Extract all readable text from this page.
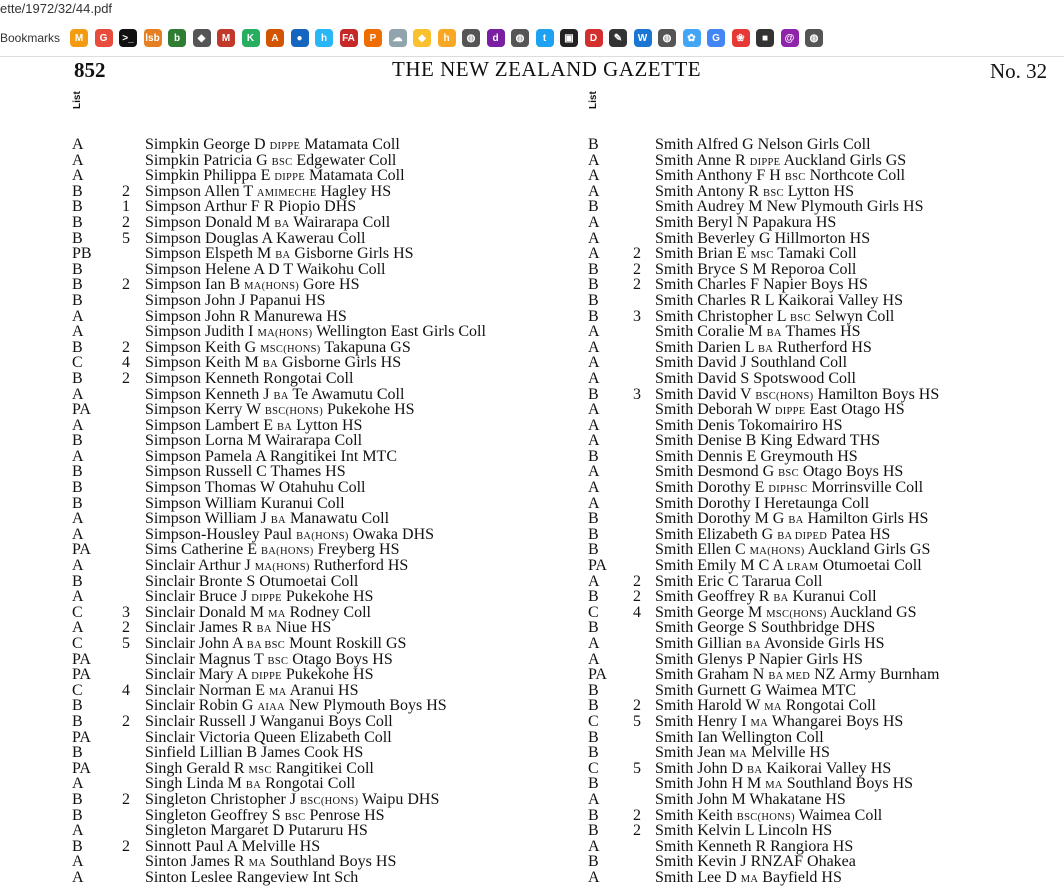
ette/1972/32/44.pdf
Bookmarks	M	G	>_	lsb	b	◆	M	K	A	●	h	FA	P	☁	◆	h	◍	d	◍	t	▣	D	✎	W	◍	✿	G	❀	■	@	◍
852	THE NEW ZEALAND GAZETTE	No. 32
List	List
A	Simpkin George D DIPPE Matamata Coll
A	Simpkin Patricia G BSC Edgewater Coll
A	Simpkin Philippa E DIPPE Matamata Coll
B 2 Simpson Allen T AMIMECHE Hagley HS
B 1 Simpson Arthur F R Piopio DHS
B 2 Simpson Donald M BA Wairarapa Coll
B 5 Simpson Douglas A Kawerau Coll
PB	Simpson Elspeth M BA Gisborne Girls HS
B	Simpson Helene A D T Waikohu Coll
B 2 Simpson Ian B MA(HONS) Gore HS
B	Simpson John J Papanui HS
A	Simpson John R Manurewa HS
A	Simpson Judith I MA(HONS) Wellington East Girls Coll
B 2 Simpson Keith G MSC(HONS) Takapuna GS
C 4 Simpson Keith M BA Gisborne Girls HS
B 2 Simpson Kenneth Rongotai Coll
A	Simpson Kenneth J BA Te Awamutu Coll
PA	Simpson Kerry W BSC(HONS) Pukekohe HS
A	Simpson Lambert E BA Lytton HS
B	Simpson Lorna M Wairarapa Coll
A	Simpson Pamela A Rangitikei Int MTC
B	Simpson Russell C Thames HS
B	Simpson Thomas W Otahuhu Coll
B	Simpson William Kuranui Coll
A	Simpson William J BA Manawatu Coll
A	Simpson-Housley Paul BA(HONS) Owaka DHS
PA	Sims Catherine E BA(HONS) Freyberg HS
A	Sinclair Arthur J MA(HONS) Rutherford HS
B	Sinclair Bronte S Otumoetai Coll
A	Sinclair Bruce J DIPPE Pukekohe HS
C 3 Sinclair Donald M MA Rodney Coll
A 2 Sinclair James R BA Niue HS
C 5 Sinclair John A BA BSC Mount Roskill GS
PA	Sinclair Magnus T BSC Otago Boys HS
PA	Sinclair Mary A DIPPE Pukekohe HS
C 4 Sinclair Norman E MA Aranui HS
B	Sinclair Robin G AIAA New Plymouth Boys HS
B 2 Sinclair Russell J Wanganui Boys Coll
PA	Sinclair Victoria Queen Elizabeth Coll
B	Sinfield Lillian B James Cook HS
PA	Singh Gerald R MSC Rangitikei Coll
A	Singh Linda M BA Rongotai Coll
B 2 Singleton Christopher J BSC(HONS) Waipu DHS
B	Singleton Geoffrey S BSC Penrose HS
A	Singleton Margaret D Putaruru HS
B 2 Sinnott Paul A Melville HS
A	Sinton James R MA Southland Boys HS
A	Sinton Leslee Rangeview Int Sch
B	Smith Alfred G Nelson Girls Coll
A	Smith Anne R DIPPE Auckland Girls GS
A	Smith Anthony F H BSC Northcote Coll
A	Smith Antony R BSC Lytton HS
B	Smith Audrey M New Plymouth Girls HS
A	Smith Beryl N Papakura HS
A	Smith Beverley G Hillmorton HS
A 2 Smith Brian E MSC Tamaki Coll
B 2 Smith Bryce S M Reporoa Coll
B 2 Smith Charles F Napier Boys HS
B	Smith Charles R L Kaikorai Valley HS
B 3 Smith Christopher L BSC Selwyn Coll
A	Smith Coralie M BA Thames HS
A	Smith Darien L BA Rutherford HS
A	Smith David J Southland Coll
A	Smith David S Spotswood Coll
B 3 Smith David V BSC(HONS) Hamilton Boys HS
A	Smith Deborah W DIPPE East Otago HS
A	Smith Denis Tokomairiro HS
A	Smith Denise B King Edward THS
B	Smith Dennis E Greymouth HS
A	Smith Desmond G BSC Otago Boys HS
A	Smith Dorothy E DIPHSC Morrinsville Coll
A	Smith Dorothy I Heretaunga Coll
B	Smith Dorothy M G BA Hamilton Girls HS
B	Smith Elizabeth G BA DIPED Patea HS
B	Smith Ellen C MA(HONS) Auckland Girls GS
PA	Smith Emily M C A LRAM Otumoetai Coll
A 2 Smith Eric C Tararua Coll
B 2 Smith Geoffrey R BA Kuranui Coll
C 4 Smith George M MSC(HONS) Auckland GS
B	Smith George S Southbridge DHS
A	Smith Gillian BA Avonside Girls HS
A	Smith Glenys P Napier Girls HS
PA	Smith Graham N BA MED NZ Army Burnham
B	Smith Gurnett G Waimea MTC
B 2 Smith Harold W MA Rongotai Coll
C 5 Smith Henry I MA Whangarei Boys HS
B	Smith Ian Wellington Coll
B	Smith Jean MA Melville HS
C 5 Smith John D BA Kaikorai Valley HS
B	Smith John H M MA Southland Boys HS
A	Smith John M Whakatane HS
B 2 Smith Keith BSC(HONS) Waimea Coll
B 2 Smith Kelvin L Lincoln HS
A	Smith Kenneth R Rangiora HS
B	Smith Kevin J RNZAF Ohakea
A	Smith Lee D MA Bayfield HS
